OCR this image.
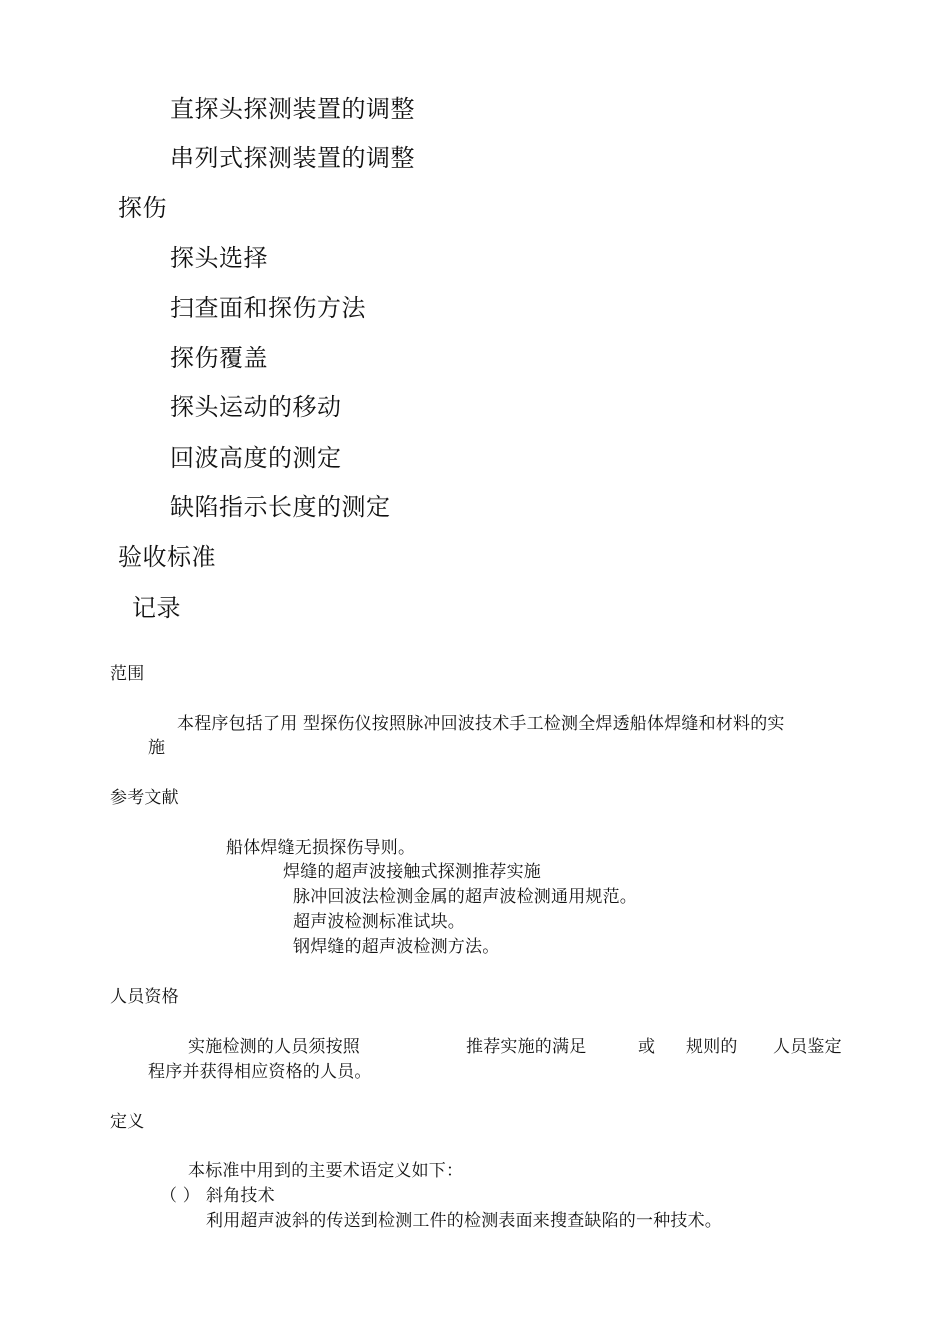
直探头探测装置的调整
串列式探测装置的调整
探伤
探头选择
扫查面和探伤方法
探伤覆盖
探头运动的移动
回波高度的测定
缺陷指示长度的测定
验收标准
记录
范围
本程序包括了用 型探伤仪按照脉冲回波技术手工检测全焊透船体焊缝和材料的实
施
参考文献
船体焊缝无损探伤导则。
焊缝的超声波接触式探测推荐实施
脉冲回波法检测金属的超声波检测通用规范。
超声波检测标准试块。
钢焊缝的超声波检测方法。
人员资格
实施检测的人员须按照	推荐实施的满足	或 规则的 人员鉴定
程序并获得相应资格的人员。
定义
本标准中用到的主要术语定义如下：
（ ） 斜角技术
利用超声波斜的传送到检测工件的检测表面来搜查缺陷的一种技术。
